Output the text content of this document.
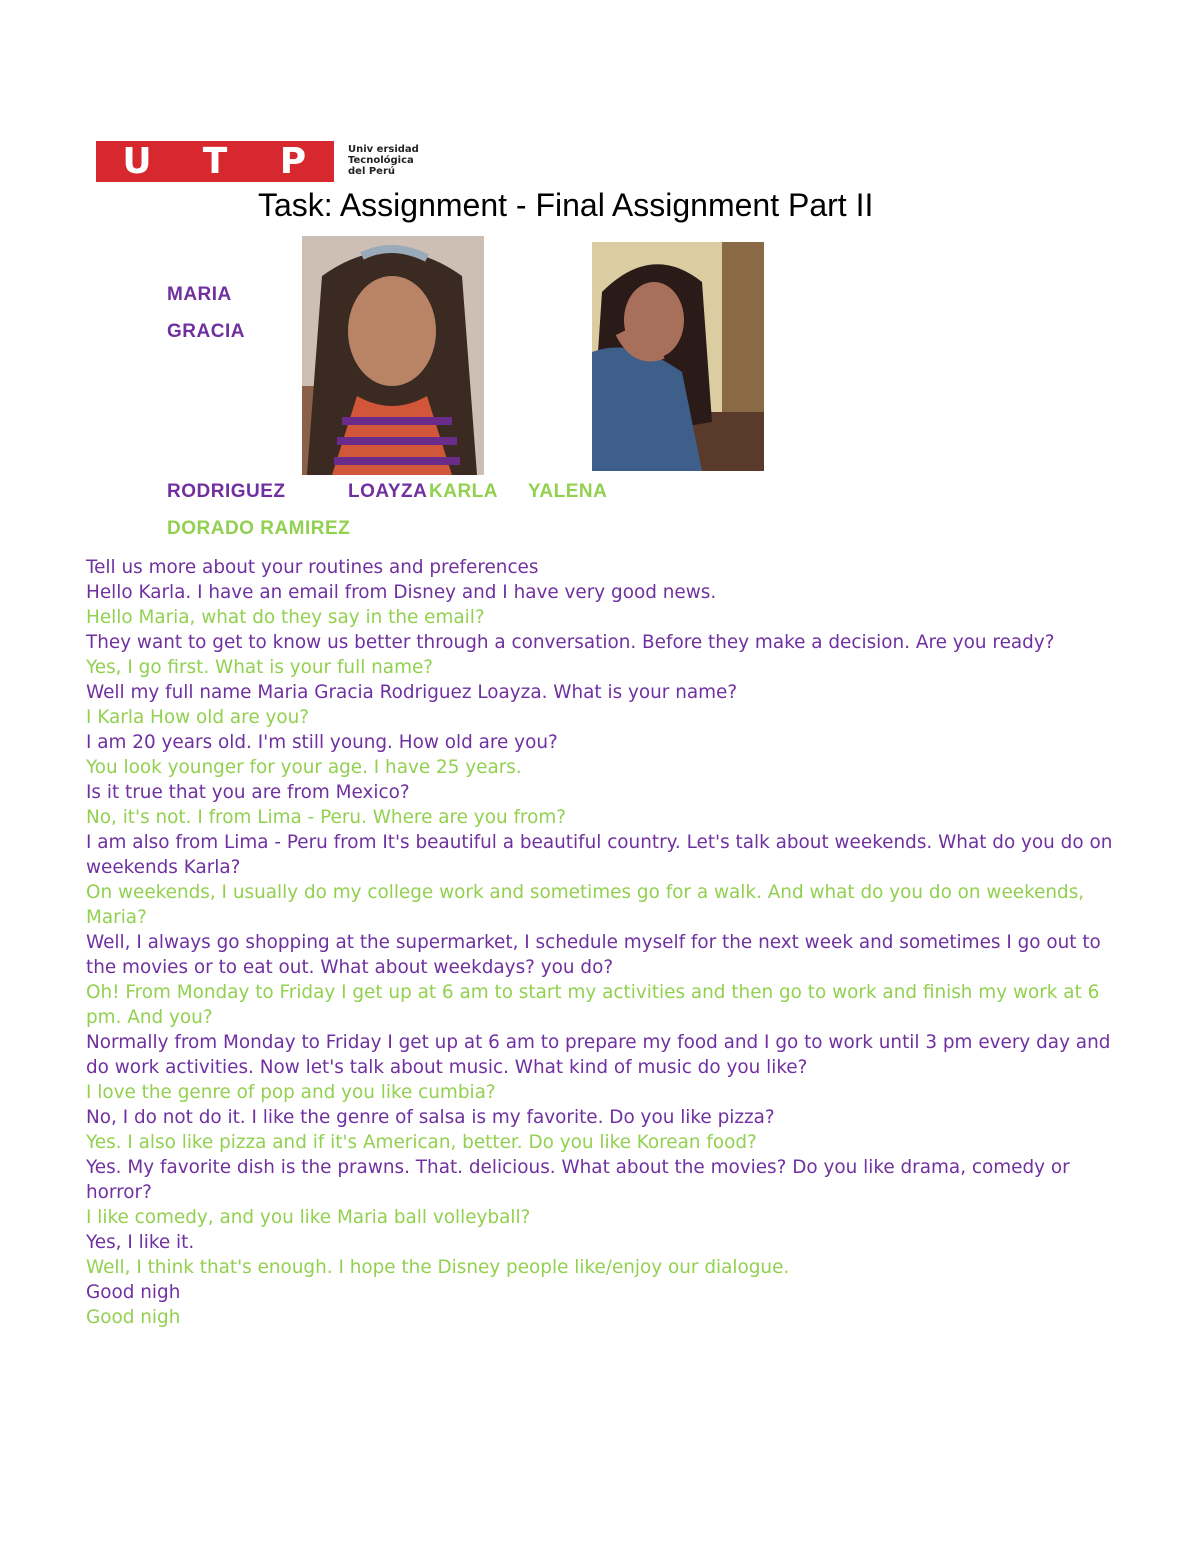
U	T	P	Univ ersidad
Tecnológica
del Perú
Task: Assignment - Final Assignment Part II
MARIA
GRACIA
RODRIGUEZ	LOAYZA KARLA YALENA
DORADO RAMIREZ

Tell us more about your routines and preferences

Hello Karla. I have an email from Disney and I have very good news.

Hello Maria, what do they say in the email?

They want to get to know us better through a conversation. Before they make a decision. Are you ready?

Yes, I go first. What is your full name?

Well my full name Maria Gracia Rodriguez Loayza. What is your name?

I Karla How old are you?

I am 20 years old. I'm still young. How old are you?

You look younger for your age. I have 25 years.

Is it true that you are from Mexico?

No, it's not. I from Lima - Peru. Where are you from?

I am also from Lima - Peru from It's beautiful a beautiful country. Let's talk about weekends. What do you do on weekends Karla?

On weekends, I usually do my college work and sometimes go for a walk. And what do you do on weekends, Maria?

Well, I always go shopping at the supermarket, I schedule myself for the next week and sometimes I go out to the movies or to eat out. What about weekdays? you do?

Oh! From Monday to Friday I get up at 6 am to start my activities and then go to work and finish my work at 6 pm. And you?

Normally from Monday to Friday I get up at 6 am to prepare my food and I go to work until 3 pm every day and do work activities. Now let's talk about music. What kind of music do you like?

I love the genre of pop and you like cumbia?

No, I do not do it. I like the genre of salsa is my favorite. Do you like pizza?

Yes. I also like pizza and if it's American, better. Do you like Korean food?

Yes. My favorite dish is the prawns. That. delicious. What about the movies? Do you like drama, comedy or horror?

I like comedy, and you like Maria ball volleyball?

Yes, I like it.

Well, I think that's enough. I hope the Disney people like/enjoy our dialogue.

Good nigh

Good nigh
